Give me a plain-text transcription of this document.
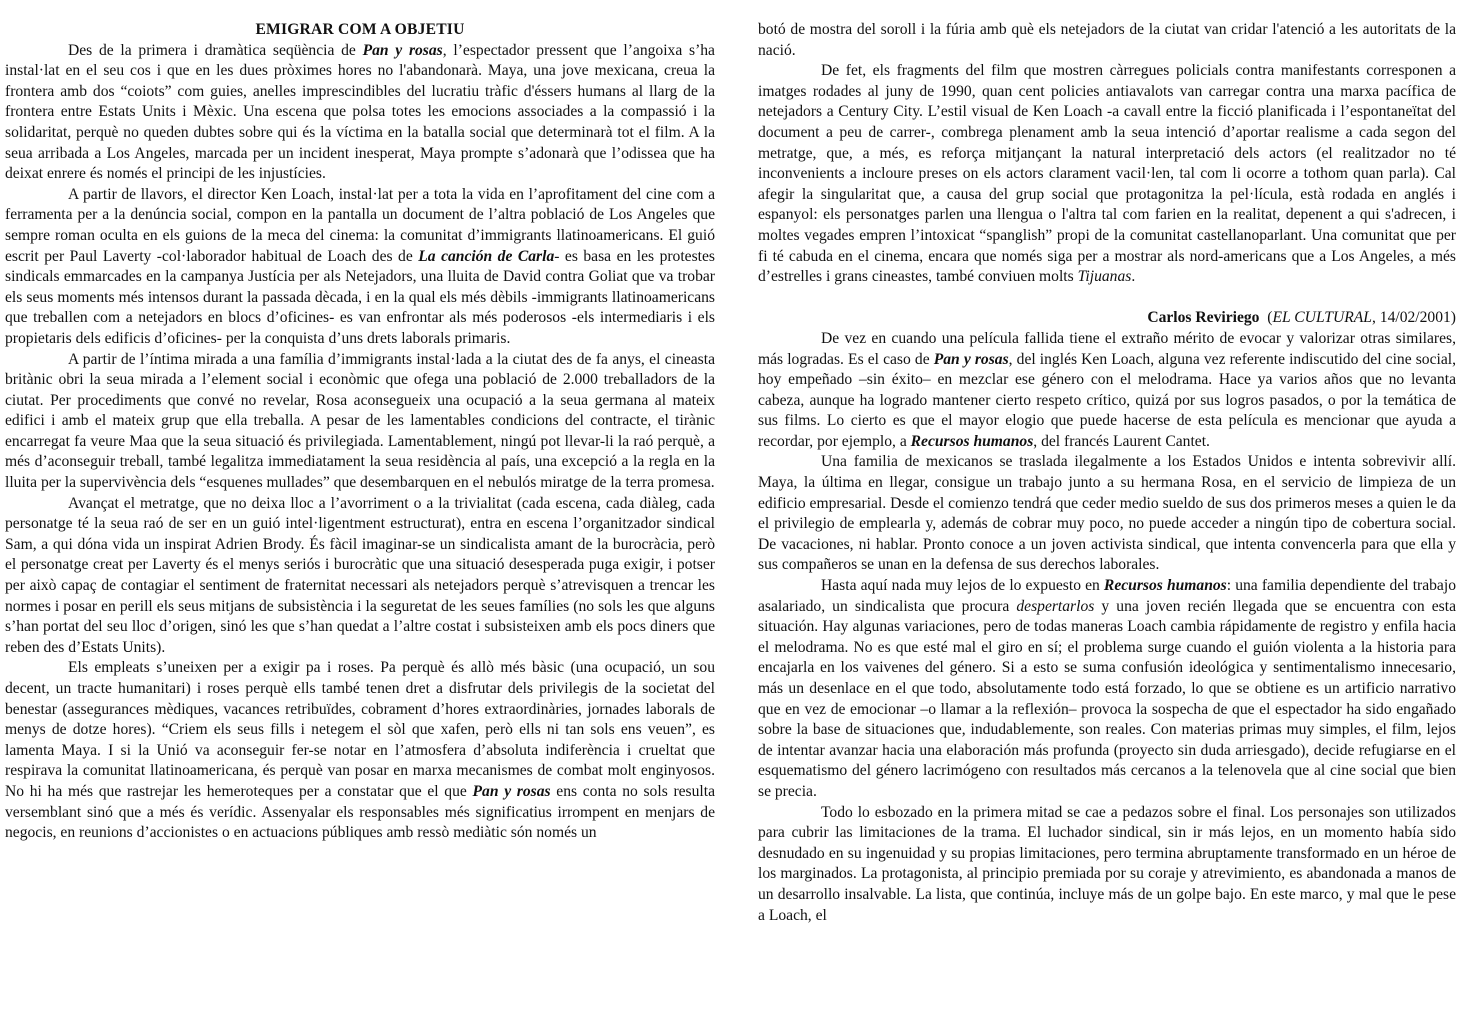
EMIGRAR COM A OBJETIU

Des de la primera i dramàtica seqüència de Pan y rosas, l’espectador pressent que l’angoixa s’ha instal·lat en el seu cos i que en les dues pròximes hores no l'abandonarà. Maya, una jove mexicana, creua la frontera amb dos “coiots” com guies, anelles imprescindibles del lucratiu tràfic d'éssers humans al llarg de la frontera entre Estats Units i Mèxic. Una escena que polsa totes les emocions associades a la compassió i la solidaritat, perquè no queden dubtes sobre qui és la víctima en la batalla social que determinarà tot el film. A la seua arribada a Los Angeles, marcada per un incident inesperat, Maya prompte s’adonarà que l’odissea que ha deixat enrere és només el principi de les injustícies.

A partir de llavors, el director Ken Loach, instal·lat per a tota la vida en l’aprofitament del cine com a ferramenta per a la denúncia social, compon en la pantalla un document de l’altra població de Los Angeles que sempre roman oculta en els guions de la meca del cinema: la comunitat d’immigrants llatinoamericans. El guió escrit per Paul Laverty -col·laborador habitual de Loach des de La canción de Carla- es basa en les protestes sindicals emmarcades en la campanya Justícia per als Netejadors, una lluita de David contra Goliat que va trobar els seus moments més intensos durant la passada dècada, i en la qual els més dèbils -immigrants llatinoamericans que treballen com a netejadors en blocs d’oficines- es van enfrontar als més poderosos -els intermediaris i els propietaris dels edificis d’oficines- per la conquista d’uns drets laborals primaris.

A partir de l’íntima mirada a una família d’immigrants instal·lada a la ciutat des de fa anys, el cineasta britànic obri la seua mirada a l’element social i econòmic que ofega una població de 2.000 treballadors de la ciutat. Per procediments que convé no revelar, Rosa aconsegueix una ocupació a la seua germana al mateix edifici i amb el mateix grup que ella treballa. A pesar de les lamentables condicions del contracte, el tirànic encarregat fa veure Maa que la seua situació és privilegiada. Lamentablement, ningú pot llevar-li la raó perquè, a més d’aconseguir treball, també legalitza immediatament la seua residència al país, una excepció a la regla en la lluita per la supervivència dels “esquenes mullades” que desembarquen en el nebulós miratge de la terra promesa.

Avançat el metratge, que no deixa lloc a l’avorriment o a la trivialitat (cada escena, cada diàleg, cada personatge té la seua raó de ser en un guió intel·ligentment estructurat), entra en escena l’organitzador sindical Sam, a qui dóna vida un inspirat Adrien Brody. És fàcil imaginar-se un sindicalista amant de la burocràcia, però el personatge creat per Laverty és el menys seriós i burocràtic que una situació desesperada puga exigir, i potser per això capaç de contagiar el sentiment de fraternitat necessari als netejadors perquè s’atrevisquen a trencar les normes i posar en perill els seus mitjans de subsistència i la seguretat de les seues famílies (no sols les que alguns s’han portat del seu lloc d’origen, sinó les que s’han quedat a l’altre costat i subsisteixen amb els pocs diners que reben des d’Estats Units).

Els empleats s’uneixen per a exigir pa i roses. Pa perquè és allò més bàsic (una ocupació, un sou decent, un tracte humanitari) i roses perquè ells també tenen dret a disfrutar dels privilegis de la societat del benestar (assegurances mèdiques, vacances retribuïdes, cobrament d’hores extraordinàries, jornades laborals de menys de dotze hores). “Criem els seus fills i netegem el sòl que xafen, però ells ni tan sols ens veuen”, es lamenta Maya. I si la Unió va aconseguir fer-se notar en l’atmosfera d’absoluta indiferència i crueltat que respirava la comunitat llatinoamericana, és perquè van posar en marxa mecanismes de combat molt enginyosos. No hi ha més que rastrejar les hemeroteques per a constatar que el que Pan y rosas ens conta no sols resulta versemblant sinó que a més és verídic. Assenyalar els responsables més significatius irrompent en menjars de negocis, en reunions d’accionistes o en actuacions públiques amb ressò mediàtic són només un

botó de mostra del soroll i la fúria amb què els netejadors de la ciutat van cridar l'atenció a les autoritats de la nació.

De fet, els fragments del film que mostren càrregues policials contra manifestants corresponen a imatges rodades al juny de 1990, quan cent policies antiavalots van carregar contra una marxa pacífica de netejadors a Century City. L’estil visual de Ken Loach -a cavall entre la ficció planificada i l’espontaneïtat del document a peu de carrer-, combrega plenament amb la seua intenció d’aportar realisme a cada segon del metratge, que, a més, es reforça mitjançant la natural interpretació dels actors (el realitzador no té inconvenients a incloure preses on els actors clarament vacil·len, tal com li ocorre a tothom quan parla). Cal afegir la singularitat que, a causa del grup social que protagonitza la pel·lícula, està rodada en anglés i espanyol: els personatges parlen una llengua o l'altra tal com farien en la realitat, depenent a qui s'adrecen, i moltes vegades empren l’intoxicat “spanglish” propi de la comunitat castellanoparlant. Una comunitat que per fi té cabuda en el cinema, encara que només siga per a mostrar als nord-americans que a Los Angeles, a més d’estrelles i grans cineastes, també conviuen molts Tijuanas.

Carlos Reviriego (EL CULTURAL, 14/02/2001)

De vez en cuando una película fallida tiene el extraño mérito de evocar y valorizar otras similares, más logradas. Es el caso de Pan y rosas, del inglés Ken Loach, alguna vez referente indiscutido del cine social, hoy empeñado –sin éxito– en mezclar ese género con el melodrama. Hace ya varios años que no levanta cabeza, aunque ha logrado mantener cierto respeto crítico, quizá por sus logros pasados, o por la temática de sus films. Lo cierto es que el mayor elogio que puede hacerse de esta película es mencionar que ayuda a recordar, por ejemplo, a Recursos humanos, del francés Laurent Cantet.

Una familia de mexicanos se traslada ilegalmente a los Estados Unidos e intenta sobrevivir allí. Maya, la última en llegar, consigue un trabajo junto a su hermana Rosa, en el servicio de limpieza de un edificio empresarial. Desde el comienzo tendrá que ceder medio sueldo de sus dos primeros meses a quien le da el privilegio de emplearla y, además de cobrar muy poco, no puede acceder a ningún tipo de cobertura social. De vacaciones, ni hablar. Pronto conoce a un joven activista sindical, que intenta convencerla para que ella y sus compañeros se unan en la defensa de sus derechos laborales.

Hasta aquí nada muy lejos de lo expuesto en Recursos humanos: una familia dependiente del trabajo asalariado, un sindicalista que procura despertarlos y una joven recién llegada que se encuentra con esta situación. Hay algunas variaciones, pero de todas maneras Loach cambia rápidamente de registro y enfila hacia el melodrama. No es que esté mal el giro en sí; el problema surge cuando el guión violenta a la historia para encajarla en los vaivenes del género. Si a esto se suma confusión ideológica y sentimentalismo innecesario, más un desenlace en el que todo, absolutamente todo está forzado, lo que se obtiene es un artificio narrativo que en vez de emocionar –o llamar a la reflexión– provoca la sospecha de que el espectador ha sido engañado sobre la base de situaciones que, indudablemente, son reales. Con materias primas muy simples, el film, lejos de intentar avanzar hacia una elaboración más profunda (proyecto sin duda arriesgado), decide refugiarse en el esquematismo del género lacrimógeno con resultados más cercanos a la telenovela que al cine social que bien se precia.

Todo lo esbozado en la primera mitad se cae a pedazos sobre el final. Los personajes son utilizados para cubrir las limitaciones de la trama. El luchador sindical, sin ir más lejos, en un momento había sido desnudado en su ingenuidad y su propias limitaciones, pero termina abruptamente transformado en un héroe de los marginados. La protagonista, al principio premiada por su coraje y atrevimiento, es abandonada a manos de un desarrollo insalvable. La lista, que continúa, incluye más de un golpe bajo. En este marco, y mal que le pese a Loach, el
